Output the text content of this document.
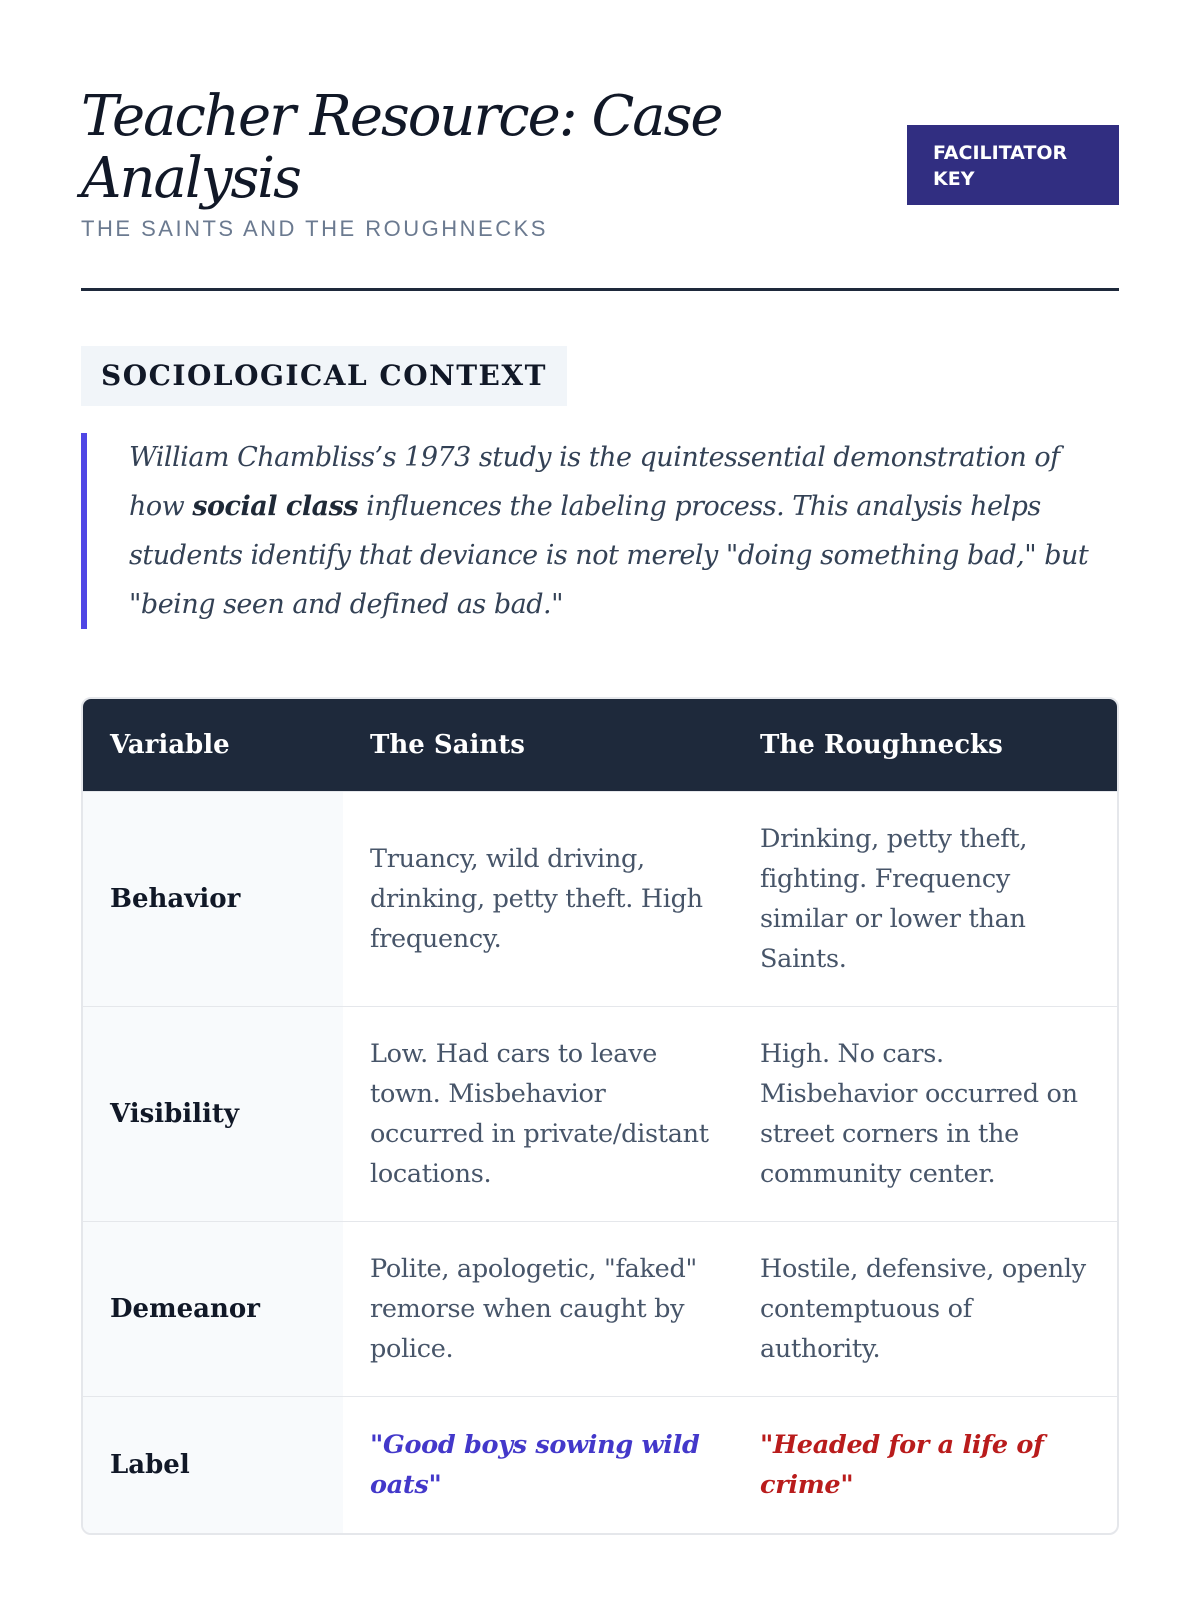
Teacher Resource: Case Analysis
THE SAINTS AND THE ROUGHNECKS
FACILITATOR KEY
SOCIOLOGICAL CONTEXT
William Chambliss’s 1973 study is the quintessential demonstration of how social class influences the labeling process. This analysis helps students identify that deviance is not merely "doing something bad," but "being seen and defined as bad."
Variable	The Saints	The Roughnecks
Behavior
Truancy, wild driving, drinking, petty theft. High frequency.
Drinking, petty theft, fighting. Frequency similar or lower than Saints.
Visibility
Low. Had cars to leave town. Misbehavior occurred in private/distant locations.
High. No cars. Misbehavior occurred on street corners in the community center.
Demeanor
Polite, apologetic, "faked" remorse when caught by police.
Hostile, defensive, openly contemptuous of authority.
Label
"Good boys sowing wild oats"
"Headed for a life of crime"
